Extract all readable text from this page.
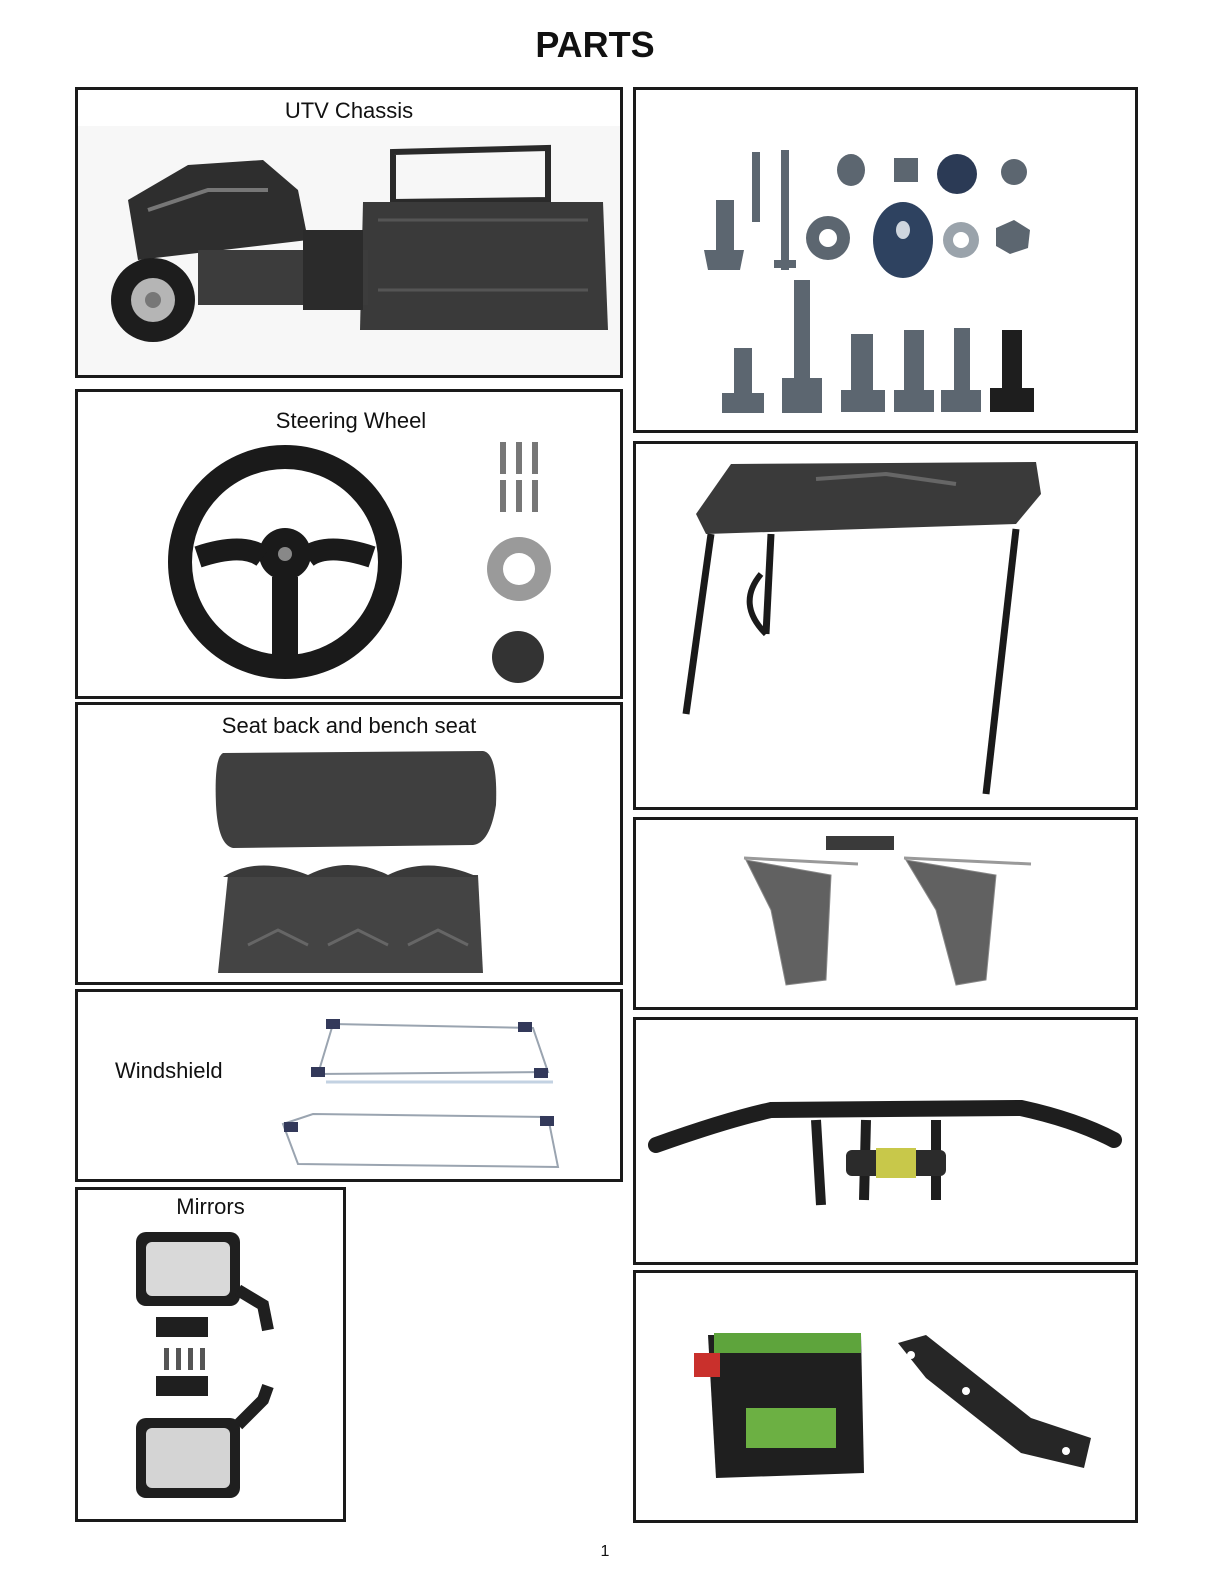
PARTS
UTV Chassis
Steering Wheel
Seat back and bench seat
Windshield
Mirrors
1
